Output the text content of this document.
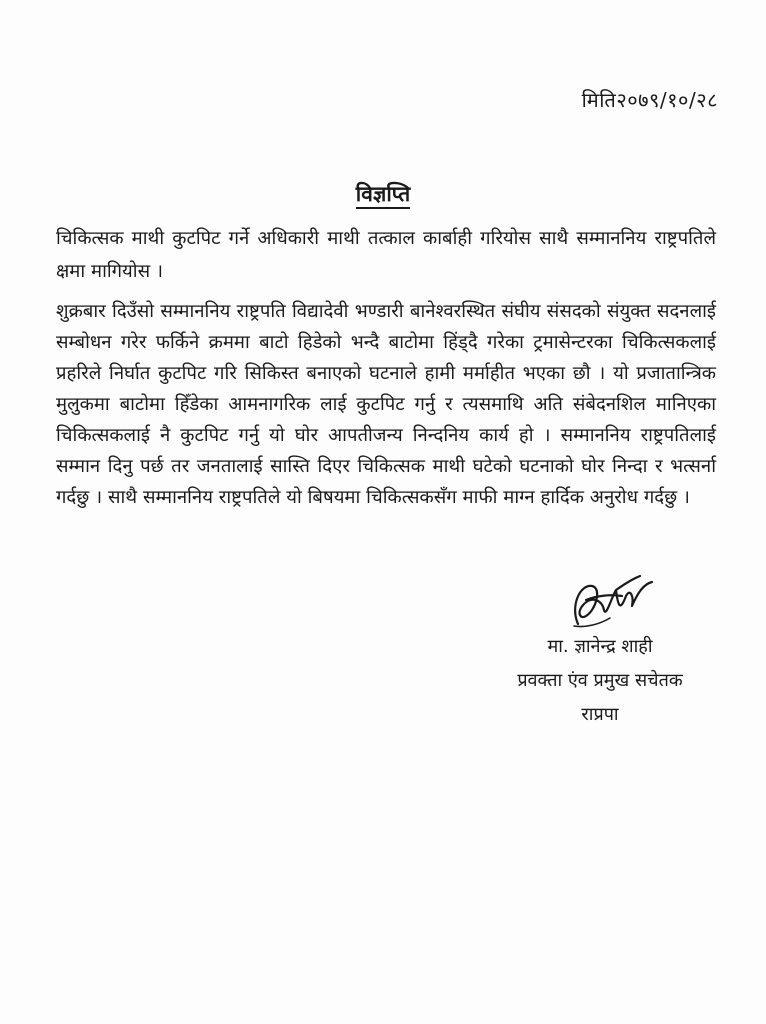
मिति२०७९/१०/२८
विज्ञप्ति
चिकित्सक माथी कुटपिट गर्ने अधिकारी माथी तत्काल कार्बाही गरियोस साथै सम्माननिय राष्ट्रपतिले क्षमा मागियोस ।
शुक्रबार दिउँसो सम्माननिय राष्ट्रपति विद्यादेवी भण्डारी बानेश्वरस्थित संघीय संसदको संयुक्त सदनलाई सम्बोधन गरेर फर्किने क्रममा बाटो हिडेको भन्दै बाटोमा हिंड्दै गरेका ट्रमासेन्टरका चिकित्सकलाई प्रहरिले निर्घात कुटपिट गरि सिकिस्त बनाएको घटनाले हामी मर्माहीत भएका छौ । यो प्रजातान्त्रिक मुलुकमा बाटोमा हिँडेका आमनागरिक लाई कुटपिट गर्नु र त्यसमाथि अति संबेदनशिल मानिएका चिकित्सकलाई नै कुटपिट गर्नु यो घोर आपतीजन्य निन्दनिय कार्य हो । सम्माननिय राष्ट्रपतिलाई सम्मान दिनु पर्छ तर जनतालाई सास्ति दिएर चिकित्सक माथी घटेको घटनाको घोर निन्दा र भत्सर्ना गर्दछु । साथै सम्माननिय राष्ट्रपतिले यो बिषयमा चिकित्सकसँग माफी माग्न हार्दिक अनुरोध गर्दछु ।
मा. ज्ञानेन्द्र शाही
प्रवक्ता एंव प्रमुख सचेतक
राप्रपा
